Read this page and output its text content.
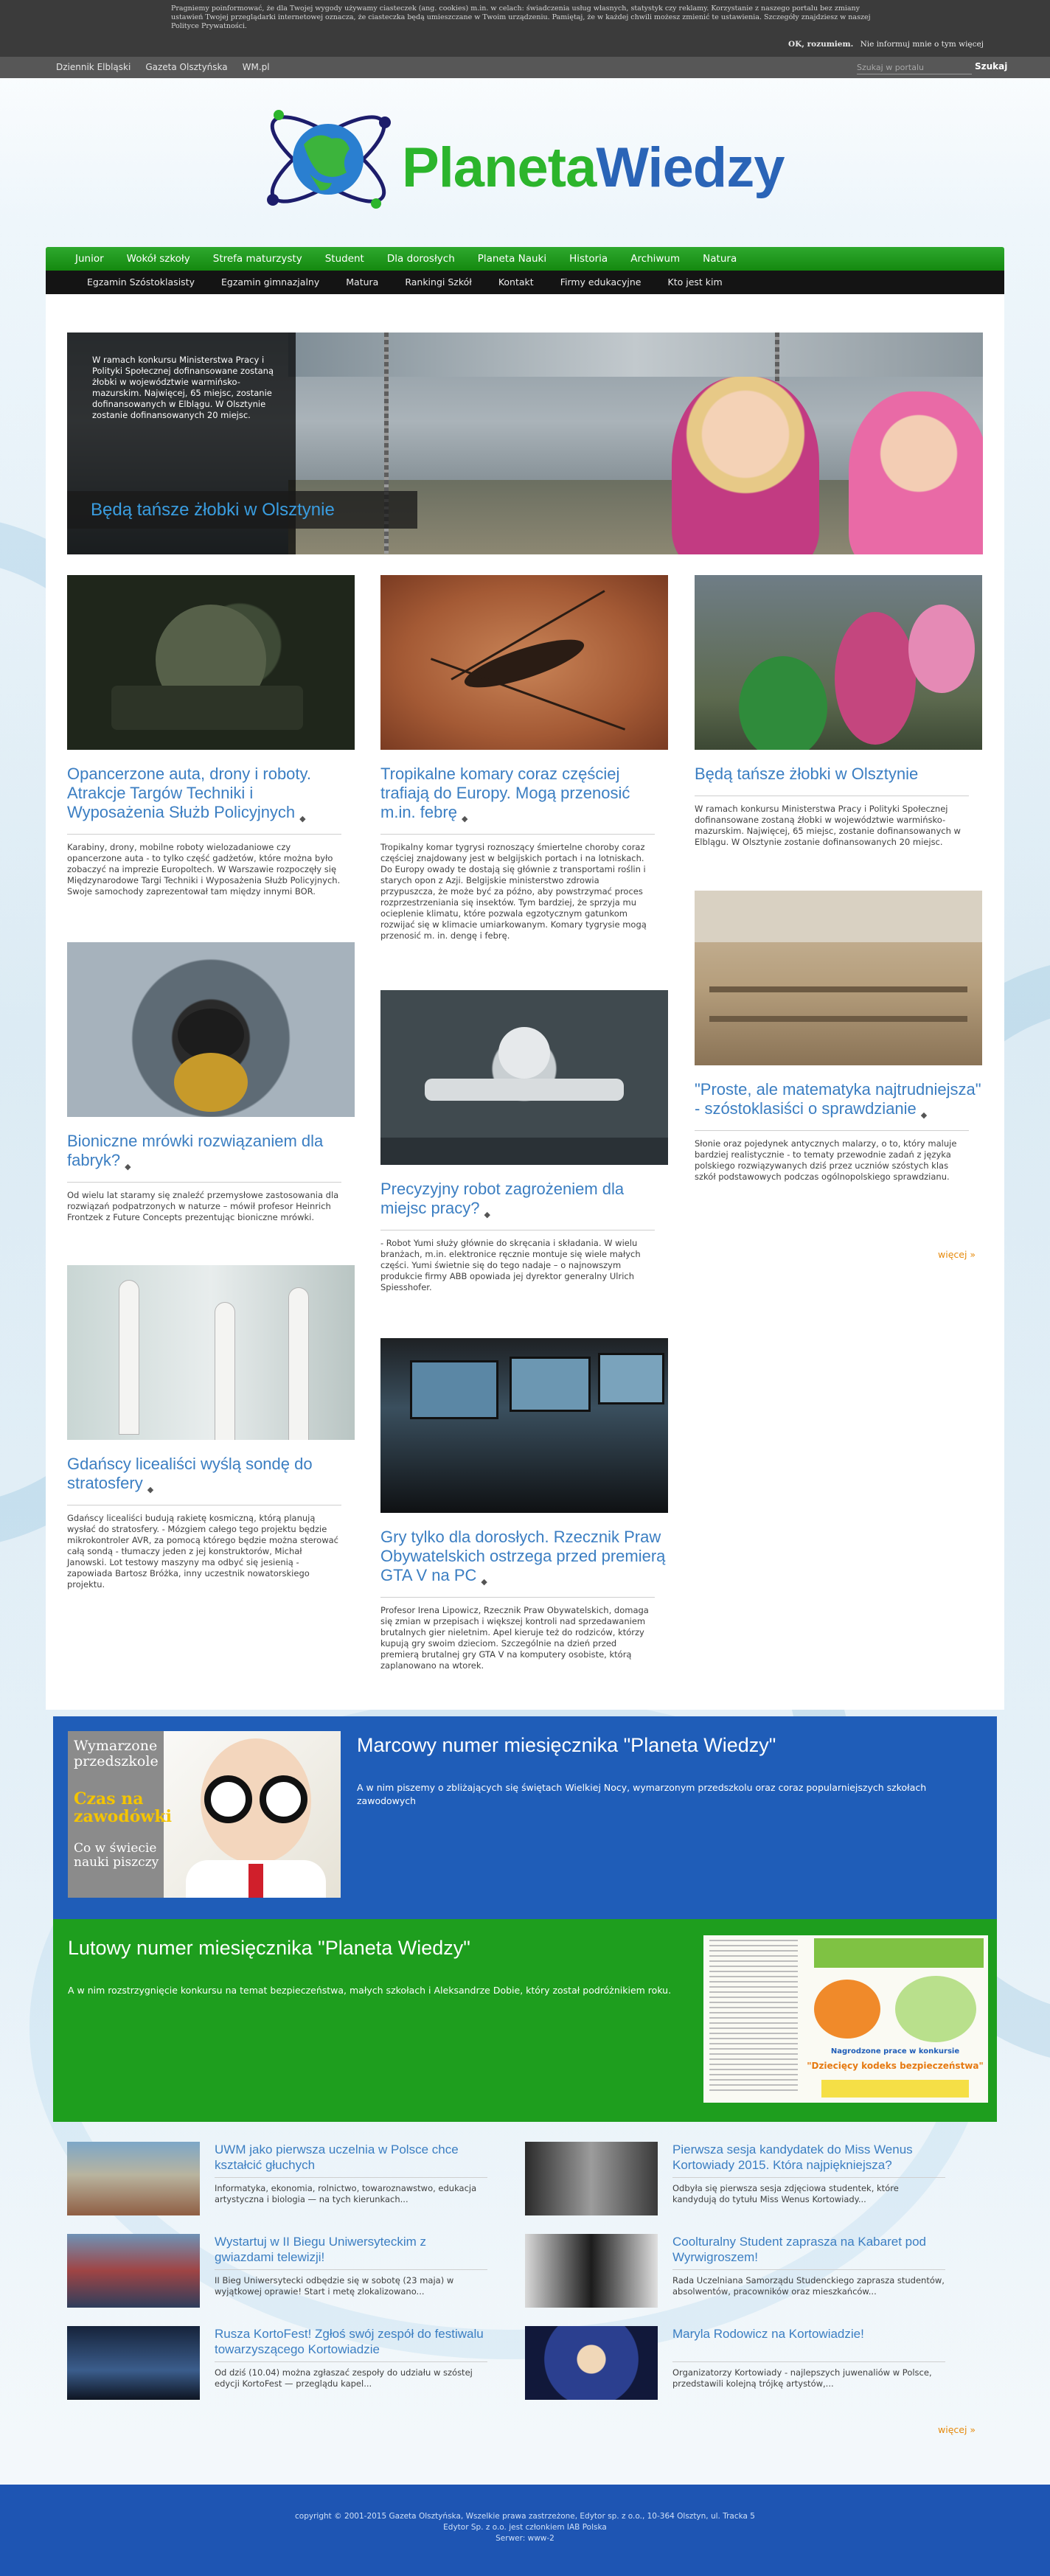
Pragniemy poinformować, że dla Twojej wygody używamy ciasteczek (ang. cookies) m.in. w celach: świadczenia usług własnych, statystyk czy reklamy. Korzystanie z naszego portalu bez zmiany ustawień Twojej przeglądarki internetowej oznacza, że ciasteczka będą umieszczane w Twoim urządzeniu. Pamiętaj, że w każdej chwili możesz zmienić te ustawienia. Szczegóły znajdziesz w naszej Polityce Prywatności.
OK, rozumiem. Nie informuj mnie o tym więcej
Dziennik Elbląski Gazeta Olsztyńska WM.pl
Szukaj w portalu	Szukaj
PlanetaWiedzy
Junior Wokół szkoły Strefa maturzysty Student Dla dorosłych Planeta Nauki Historia Archiwum Natura
Egzamin Szóstoklasisty	Egzamin gimnazjalny	Matura	Rankingi Szkół	Kontakt	Firmy edukacyjne	Kto jest kim
W ramach konkursu Ministerstwa Pracy i Polityki Społecznej dofinansowane zostaną żłobki w województwie warmińsko-mazurskim. Najwięcej, 65 miejsc, zostanie dofinansowanych w Elblągu. W Olsztynie zostanie dofinansowanych 20 miejsc.
Będą tańsze żłobki w Olsztynie
Opancerzone auta, drony i roboty. Atrakcje Targów Techniki i Wyposażenia Służb Policyjnych ◆
Karabiny, drony, mobilne roboty wielozadaniowe czy opancerzone auta - to tylko część gadżetów, które można było zobaczyć na imprezie Europoltech. W Warszawie rozpoczęły się Międzynarodowe Targi Techniki i Wyposażenia Służb Policyjnych. Swoje samochody zaprezentował tam między innymi BOR.
Bioniczne mrówki rozwiązaniem dla fabryk? ◆
Od wielu lat staramy się znaleźć przemysłowe zastosowania dla rozwiązań podpatrzonych w naturze – mówił profesor Heinrich Frontzek z Future Concepts prezentując bioniczne mrówki.
Gdańscy licealiści wyślą sondę do stratosfery ◆
Gdańscy licealiści budują rakietę kosmiczną, którą planują wysłać do stratosfery. - Mózgiem całego tego projektu będzie mikrokontroler AVR, za pomocą którego będzie można sterować całą sondą - tłumaczy jeden z jej konstruktorów, Michał Janowski. Lot testowy maszyny ma odbyć się jesienią - zapowiada Bartosz Bróżka, inny uczestnik nowatorskiego projektu.
Tropikalne komary coraz częściej trafiają do Europy. Mogą przenosić m.in. febrę ◆
Tropikalny komar tygrysi roznoszący śmiertelne choroby coraz częściej znajdowany jest w belgijskich portach i na lotniskach. Do Europy owady te dostają się głównie z transportami roślin i starych opon z Azji. Belgijskie ministerstwo zdrowia przypuszcza, że może być za późno, aby powstrzymać proces rozprzestrzeniania się insektów. Tym bardziej, że sprzyja mu ocieplenie klimatu, które pozwala egzotycznym gatunkom rozwijać się w klimacie umiarkowanym. Komary tygrysie mogą przenosić m. in. dengę i febrę.
Precyzyjny robot zagrożeniem dla miejsc pracy? ◆
- Robot Yumi służy głównie do skręcania i składania. W wielu branżach, m.in. elektronice ręcznie montuje się wiele małych części. Yumi świetnie się do tego nadaje – o najnowszym produkcie firmy ABB opowiada jej dyrektor generalny Ulrich Spiesshofer.
Gry tylko dla dorosłych. Rzecznik Praw Obywatelskich ostrzega przed premierą GTA V na PC ◆
Profesor Irena Lipowicz, Rzecznik Praw Obywatelskich, domaga się zmian w przepisach i większej kontroli nad sprzedawaniem brutalnych gier nieletnim. Apel kieruje też do rodziców, którzy kupują gry swoim dzieciom. Szczególnie na dzień przed premierą brutalnej gry GTA V na komputery osobiste, którą zaplanowano na wtorek.
Będą tańsze żłobki w Olsztynie
W ramach konkursu Ministerstwa Pracy i Polityki Społecznej dofinansowane zostaną żłobki w województwie warmińsko-mazurskim. Najwięcej, 65 miejsc, zostanie dofinansowanych w Elblągu. W Olsztynie zostanie dofinansowanych 20 miejsc.
"Proste, ale matematyka najtrudniejsza" - szóstoklasiści o sprawdzianie ◆
Słonie oraz pojedynek antycznych malarzy, o to, który maluje bardziej realistycznie - to tematy przewodnie zadań z języka polskiego rozwiązywanych dziś przez uczniów szóstych klas szkół podstawowych podczas ogólnopolskiego sprawdzianu.
więcej »
Wymarzone
przedszkole
Czas na
zawodówki
Co w świecie
nauki piszczy
Marcowy numer miesięcznika "Planeta Wiedzy"
A w nim piszemy o zbliżających się świętach Wielkiej Nocy, wymarzonym przedszkolu oraz coraz popularniejszych szkołach zawodowych
Lutowy numer miesięcznika "Planeta Wiedzy"
A w nim rozstrzygnięcie konkursu na temat bezpieczeństwa, małych szkołach i Aleksandrze Dobie, który został podróżnikiem roku.
Nagrodzone prace w konkursie
"Dziecięcy kodeks bezpieczeństwa"
UWM jako pierwsza uczelnia w Polsce chce kształcić głuchych
Informatyka, ekonomia, rolnictwo, towaroznawstwo, edukacja artystyczna i biologia — na tych kierunkach...
Pierwsza sesja kandydatek do Miss Wenus Kortowiady 2015. Która najpiękniejsza?
Odbyła się pierwsza sesja zdjęciowa studentek, które kandydują do tytułu Miss Wenus Kortowiady...
Wystartuj w II Biegu Uniwersyteckim z gwiazdami telewizji!
II Bieg Uniwersytecki odbędzie się w sobotę (23 maja) w wyjątkowej oprawie! Start i metę zlokalizowano...
Coolturalny Student zaprasza na Kabaret pod Wyrwigroszem!
Rada Uczelniana Samorządu Studenckiego zaprasza studentów, absolwentów, pracowników oraz mieszkańców...
Rusza KortoFest! Zgłoś swój zespół do festiwalu towarzyszącego Kortowiadzie
Od dziś (10.04) można zgłaszać zespoły do udziału w szóstej edycji KortoFest — przeglądu kapel...
Maryla Rodowicz na Kortowiadzie!
Organizatorzy Kortowiady - najlepszych juwenaliów w Polsce, przedstawili kolejną trójkę artystów,...
więcej »

copyright © 2001-2015 Gazeta Olsztyńska, Wszelkie prawa zastrzeżone, Edytor sp. z o.o., 10-364 Olsztyn, ul. Tracka 5

Edytor Sp. z o.o. jest członkiem IAB Polska

Serwer: www-2
